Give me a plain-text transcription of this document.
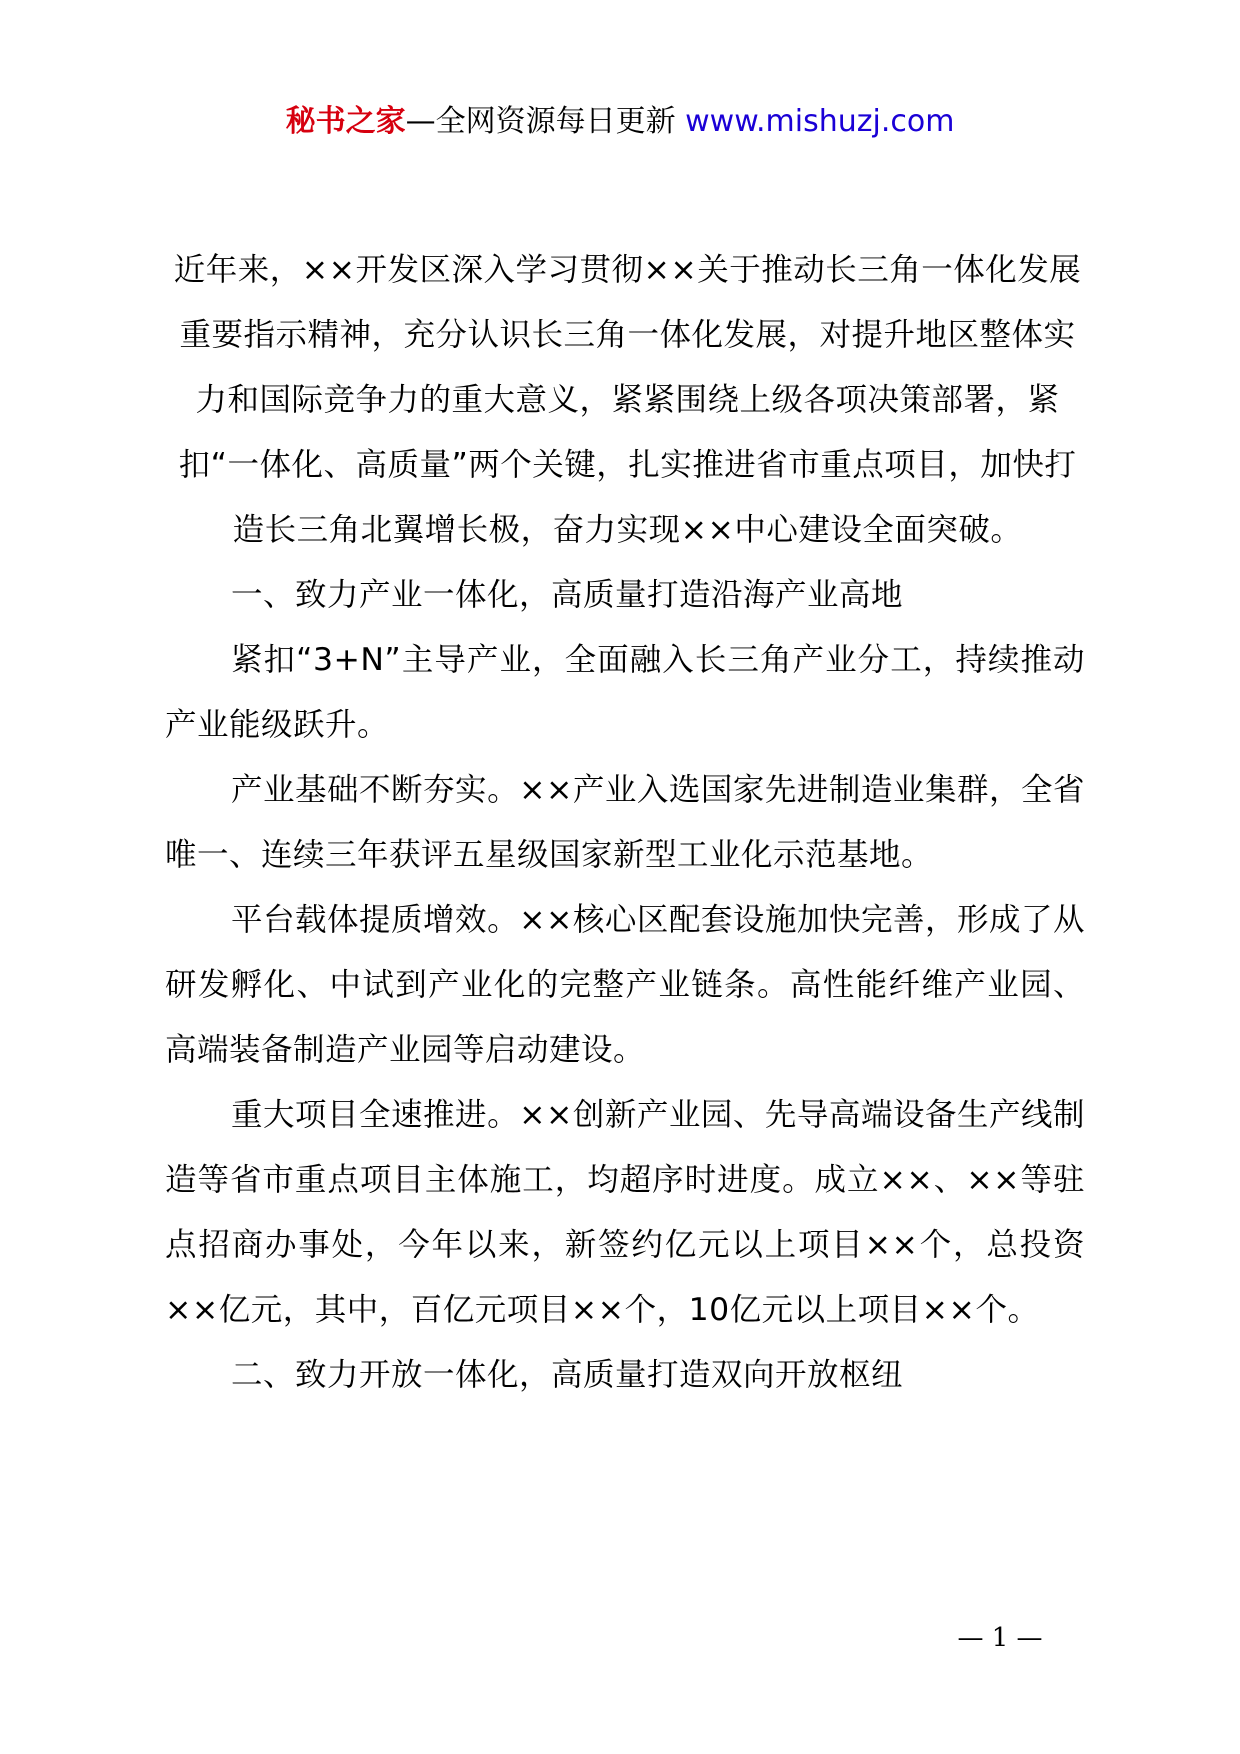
秘书之家—全网资源每日更新 www.mishuzj.com

近年来，××开发区深入学习贯彻××关于推动长三角一体化发展重要指示精神，充分认识长三角一体化发展，对提升地区整体实力和国际竞争力的重大意义，紧紧围绕上级各项决策部署，紧扣“一体化、高质量”两个关键，扎实推进省市重点项目，加快打造长三角北翼增长极，奋力实现××中心建设全面突破。

一、致力产业一体化，高质量打造沿海产业高地

紧扣“3+N”主导产业，全面融入长三角产业分工，持续推动产业能级跃升。

产业基础不断夯实。××产业入选国家先进制造业集群，全省唯一、连续三年获评五星级国家新型工业化示范基地。

平台载体提质增效。××核心区配套设施加快完善，形成了从研发孵化、中试到产业化的完整产业链条。高性能纤维产业园、高端装备制造产业园等启动建设。

重大项目全速推进。××创新产业园、先导高端设备生产线制造等省市重点项目主体施工，均超序时进度。成立××、××等驻点招商办事处，今年以来，新签约亿元以上项目××个，总投资××亿元，其中，百亿元项目××个，10亿元以上项目××个。

二、致力开放一体化，高质量打造双向开放枢纽

— 1 —
